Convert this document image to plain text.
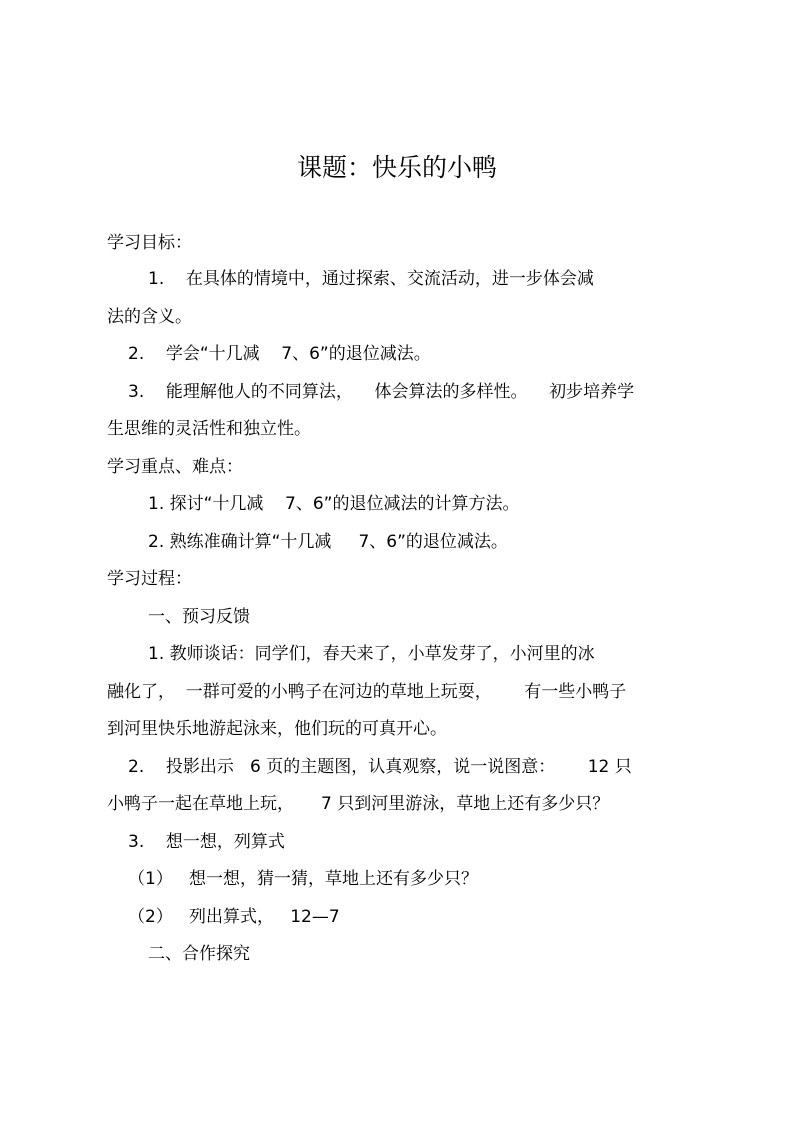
课题：快乐的小鸭
学习目标：
1.    在具体的情境中，通过探索、交流活动，进一步体会减
法的含义。
2.    学会“十几减    7、6”的退位减法。
3.    能理解他人的不同算法，    体会算法的多样性。    初步培养学
生思维的灵活性和独立性。
学习重点、难点：
1. 探讨“十几减    7、6”的退位减法的计算方法。
2. 熟练准确计算“十几减     7、6”的退位减法。
学习过程：
一、预习反馈
1. 教师谈话：同学们，春天来了，小草发芽了，小河里的冰
融化了，  一群可爱的小鸭子在河边的草地上玩耍，      有一些小鸭子
到河里快乐地游起泳来，他们玩的可真开心。
2.    投影出示   6 页的主题图，认真观察，说一说图意：      12 只
小鸭子一起在草地上玩，     7 只到河里游泳，草地上还有多少只？
3.    想一想，列算式
（1）   想一想，猜一猜，草地上还有多少只？
（2）   列出算式，   12—7
二、合作探究
